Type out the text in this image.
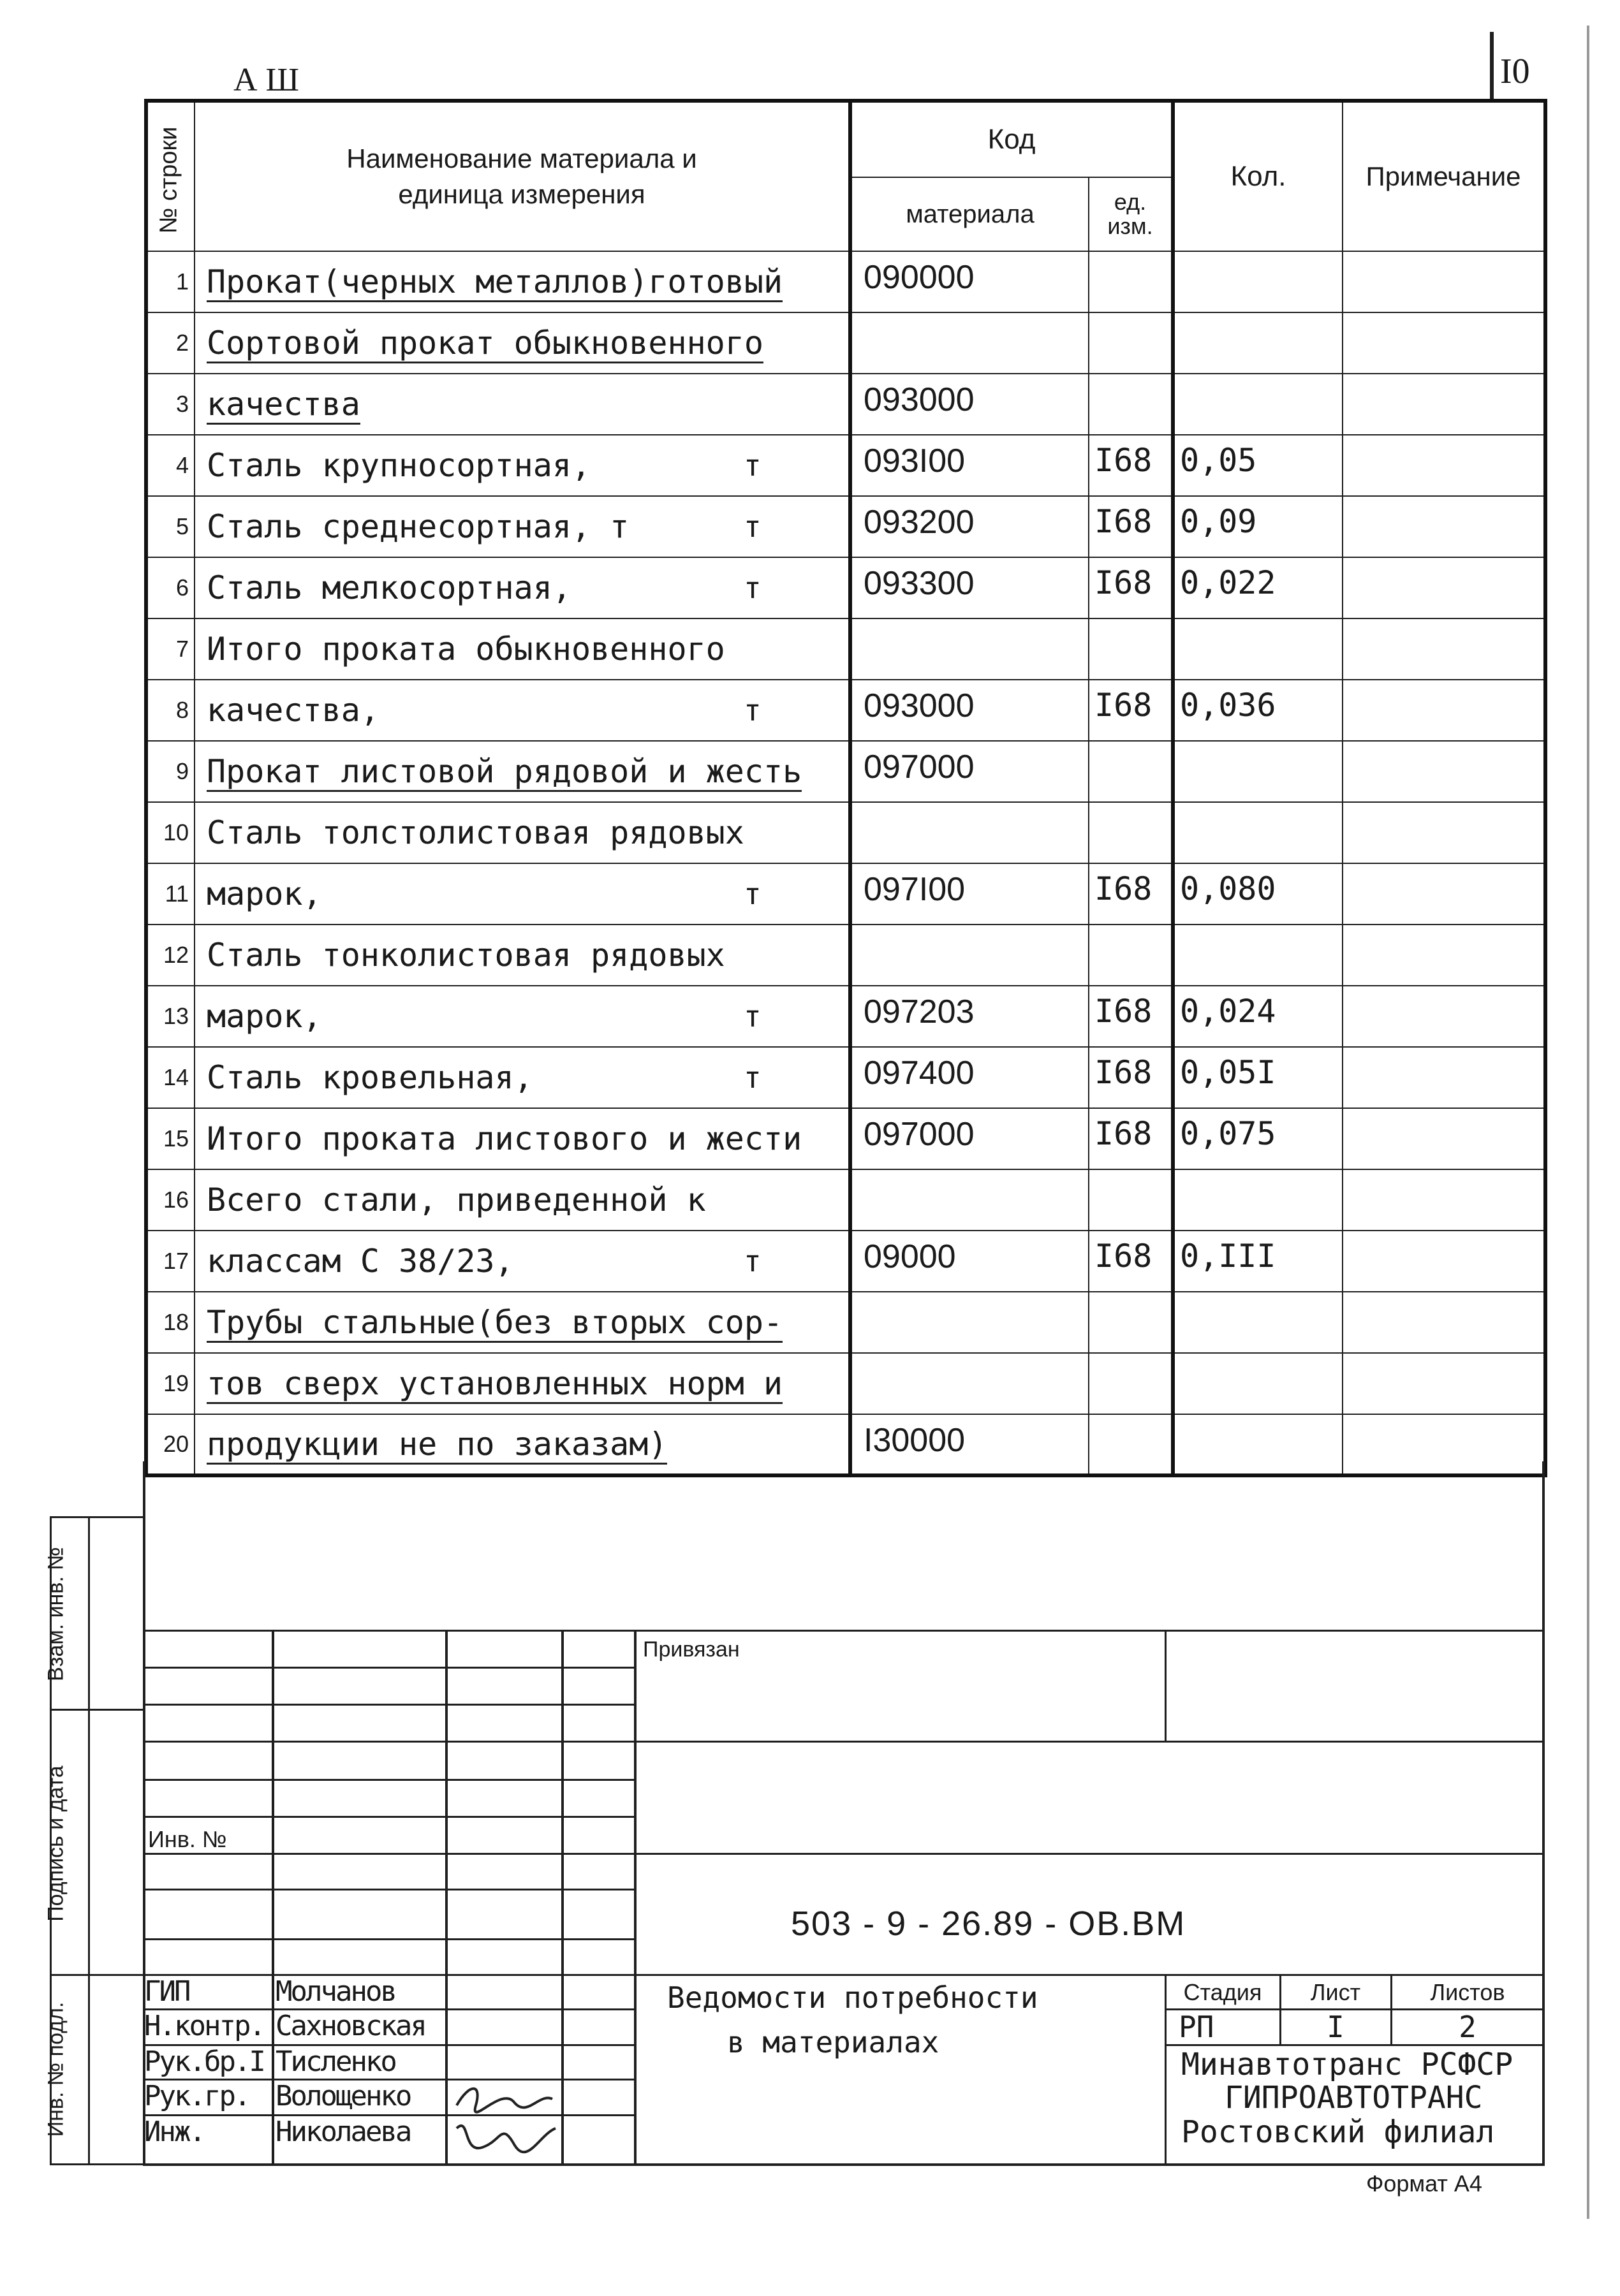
А Ш	I0
№ строки	Наименование материала и единица измерения	Код		Кол.	Примечание
		материала	ед. изм.		
1	Прокат(черных металлов)готовый	090000			
2	Сортовой прокат обыкновенного

3	качества	093000			
4	Сталь крупносортная, т	093I00	I68	0,05	
5	Сталь среднесортная, т т	093200	I68	0,09	
6	Сталь мелкосортная, т	093300	I68	0,022	
7	Итого проката обыкновенного

8	качества, т	093000	I68	0,036	
9	Прокат листовой рядовой и жесть	097000			
10	Сталь толстолистовая рядовых

11	марок, т	097I00	I68	0,080	
12	Сталь тонколистовая рядовых

13	марок, т	097203	I68	0,024	
14	Сталь кровельная, т	097400	I68	0,05I	
15	Итого проката листового и жести	097000	I68	0,075	
16	Всего стали, приведенной к

17	классам С 38/23, т	09000	I68	0,III	
18	Трубы стальные(без вторых сор-

19	тов сверх установленных норм и

20	продукции не по заказам)	I30000			
Взам. инв. №
Подпись и дата
Инв. № подл.
Привязан
Инв. №
503 - 9 - 26.89 - ОВ.ВМ
Ведомости потребности
в материалах
Стадия	Лист	Листов
РП	I	2
Минавтотранс РСФСР
ГИПРОАВТОТРАНС
Ростовский филиал
ГИП	Молчанов
Н.контр. Сахновская
Рук.бр.I Тисленко
Рук.гр. Волощенко
Инж.	Николаева
Формат А4
